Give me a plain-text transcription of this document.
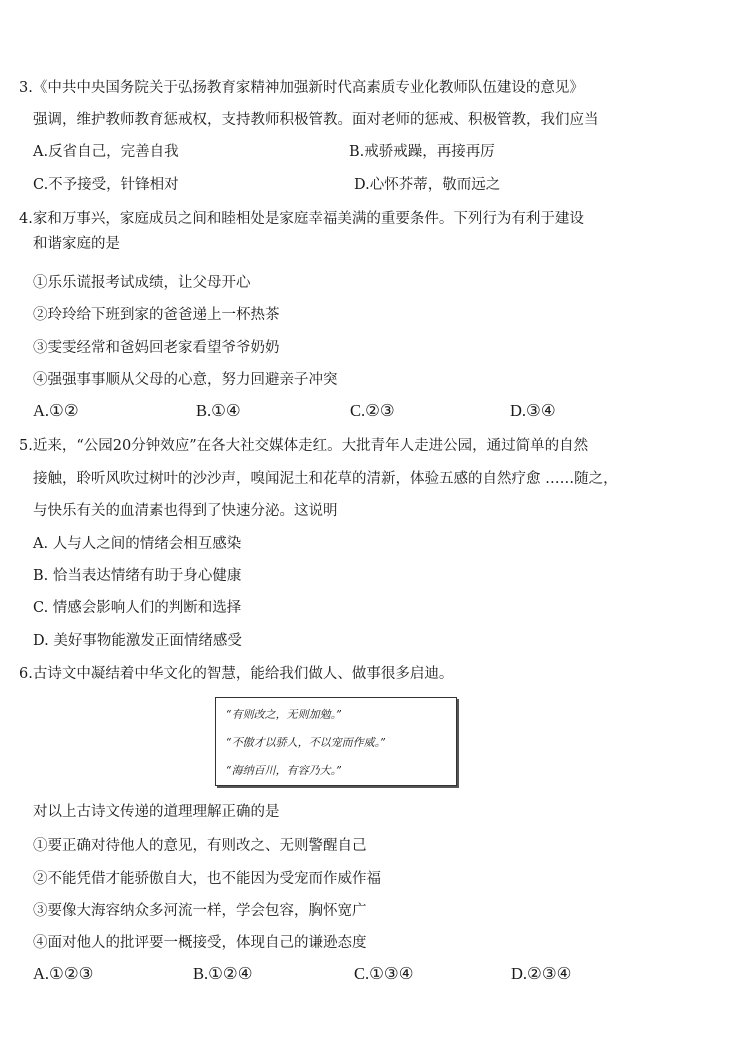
3.《中共中央国务院关于弘扬教育家精神加强新时代高素质专业化教师队伍建设的意见》
强调，维护教师教育惩戒权，支持教师积极管教。面对老师的惩戒、积极管教，我们应当
A.反省自己，完善自我	B.戒骄戒躁，再接再厉
C.不予接受，针锋相对	D.心怀芥蒂，敬而远之
4.家和万事兴，家庭成员之间和睦相处是家庭幸福美满的重要条件。下列行为有利于建设
和谐家庭的是
①乐乐谎报考试成绩，让父母开心
②玲玲给下班到家的爸爸递上一杯热茶
③雯雯经常和爸妈回老家看望爷爷奶奶
④强强事事顺从父母的心意，努力回避亲子冲突
A.①②	B.①④	C.②③	D.③④
5.近来，“公园20分钟效应”在各大社交媒体走红。大批青年人走进公园，通过简单的自然
接触，聆听风吹过树叶的沙沙声，嗅闻泥土和花草的清新，体验五感的自然疗愈 ……随之，
与快乐有关的血清素也得到了快速分泌。这说明
A. 人与人之间的情绪会相互感染
B. 恰当表达情绪有助于身心健康
C. 情感会影响人们的判断和选择
D. 美好事物能激发正面情绪感受
6.古诗文中凝结着中华文化的智慧，能给我们做人、做事很多启迪。
“有则改之，无则加勉。”
“不傲才以骄人，不以宠而作威。”
“海纳百川，有容乃大。”
对以上古诗文传递的道理理解正确的是
①要正确对待他人的意见，有则改之、无则警醒自己
②不能凭借才能骄傲自大，也不能因为受宠而作威作福
③要像大海容纳众多河流一样，学会包容，胸怀宽广
④面对他人的批评要一概接受，体现自己的谦逊态度
A.①②③	B.①②④	C.①③④	D.②③④
